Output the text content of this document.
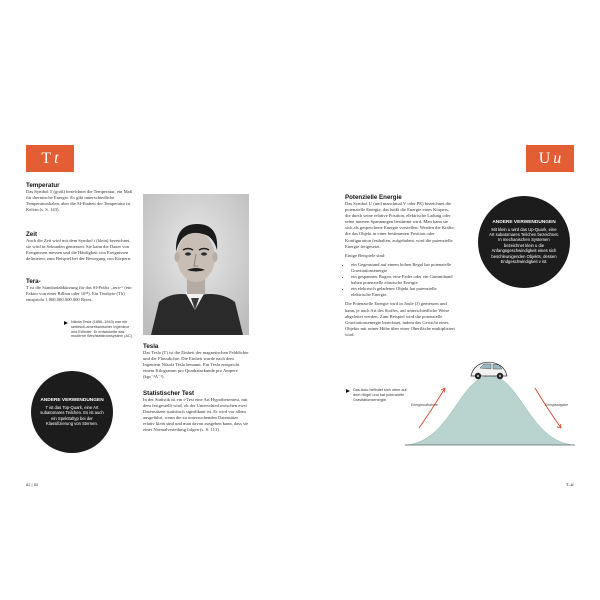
T t
Temperatur
Das Symbol T (groß) bezeichnet die Temperatur, ein Maß für thermische Energie. Es gibt unterschiedliche Temperaturskalen, aber die SI-Einheit der Temperatur ist Kelvin (s. S. 143).
Zeit
Auch die Zeit wird mit dem Symbol t (klein) bezeichnet, sie wird in Sekunden gemessen. Sie kann die Dauer von Ereignissen messen und die Häufigkeit von Ereignissen definieren, zum Beispiel bei der Bewegung von Körpern.
Tera-
T ist die Standardabkürzung für das SI-Präfix „tera-“ (ein Faktor von einer Billion oder 10¹²). Ein Terabyte (Tb) entspricht 1.000.000.000.000 Bytes.
Nikola Tesla (1856–1943) war ein serbisch-amerikanischer Ingenieur und Erfinder. Er entwickelte das moderne Wechselstromsystem (AC).
ANDERE VERWENDUNGEN
T ist das Top-Quark, eine Art subatomares Teilchen. Es ist auch ein Spektraltyp bei der Klassifizierung von Sternen.
Tesla
Das Tesla (T) ist die Einheit der magnetischen Felddichte und der Flussdichte. Die Einheit wurde nach dem Ingenieur Nikola Tesla benannt. Ein Tesla entspricht einem Kilogramm pro Quadratsekunde pro Ampere (kgs⁻²A⁻¹).
Statistischer Test
In der Statistik ist ein t-Test eine Art Hypothesentest, mit dem festgestellt wird, ob der Unterschied zwischen zwei Datensätzen statistisch signifikant ist. Er wird vor allem ausgeführt, wenn die zu untersuchenden Datensätze relativ klein sind und man davon ausgehen kann, dass sie einer Normalverteilung folgen (s. S. 113).
82 | 83
U u
Potenzielle Energie

Das Symbol U (und manchmal V oder PE) bezeichnet die potenzielle Energie, das heißt die Energie eines Körpers, die durch seine relative Position, elektrische Ladung oder seine inneren Spannungen bestimmt wird. Man kann sie sich als gespeicherte Energie vorstellen: Werden die Kräfte, die das Objekt in einer bestimmten Position oder Konfiguration festhalten, aufgehoben, wird die potenzielle Energie freigesetzt.

Einige Beispiele sind:

• ein Gegenstand auf einem hohen Regal hat potenzielle Gravitationsenergie
• ein gespannter Bogen, eine Feder oder ein Gummiband haben potenzielle elastische Energie
• ein elektrisch geladenes Objekt hat potenzielle elektrische Energie.

Die Potenzielle Energie wird in Joule (J) gemessen und kann, je nach Art des Stoffes, auf unterschiedliche Weise abgeleitet werden. Zum Beispiel wird die potenzielle Gravitationsenergie berechnet, indem das Gewicht eines Objekts mit seiner Höhe über einer Oberfläche multipliziert wird.

ANDERE VERWENDUNGEN
Mit klein u wird das Up-Quark, eine Art subatomares Teilchen bezeichnet. In mechanischen Systemen bezeichnet klein u die Anfangsgeschwindigkeit eines sich beschleunigenden Objekts, dessen Endgeschwindigkeit v ist.
Das Auto befindet sich oben auf dem Hügel und hat potenzielle Gravitationsenergie.
Energieaufnahme	Energieabgabe
T–U
